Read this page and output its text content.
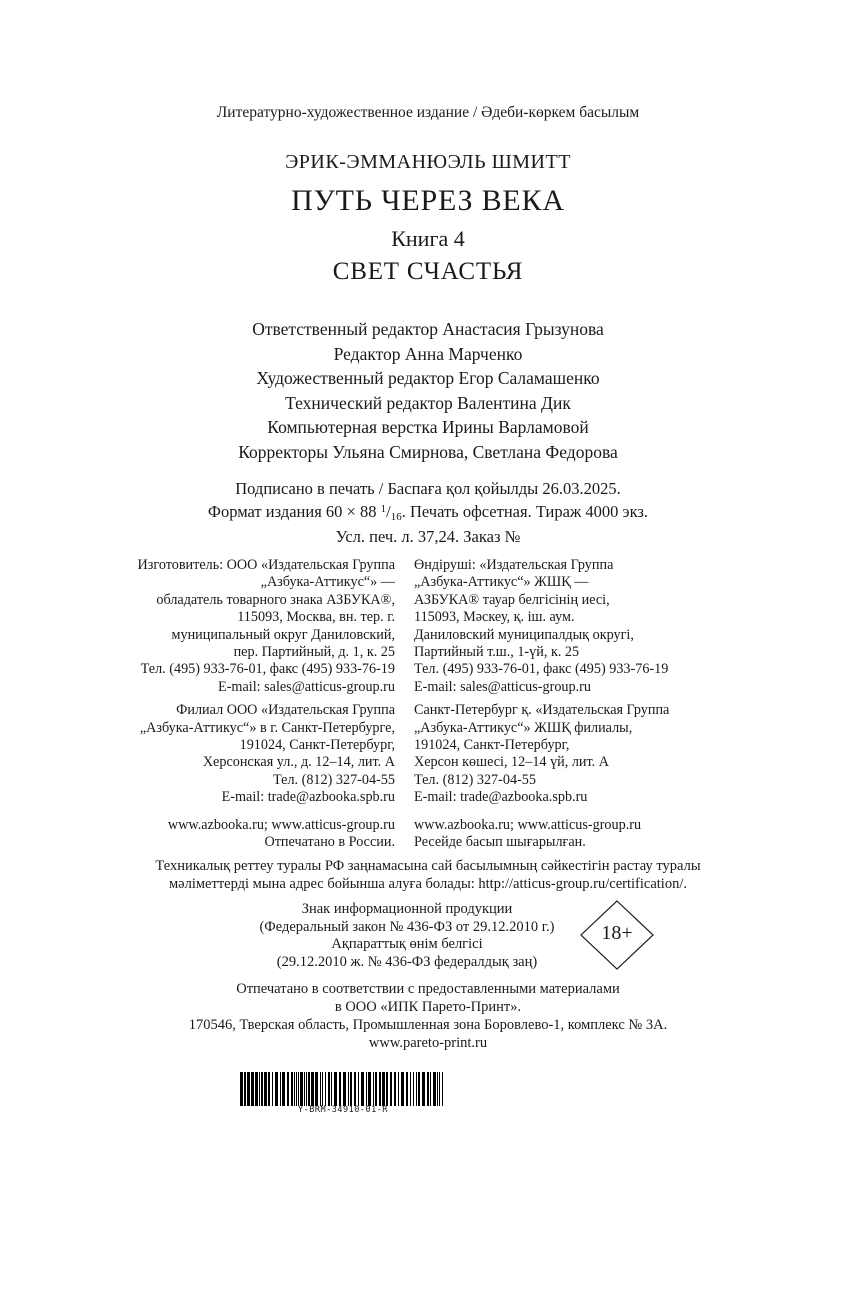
Литературно-художественное издание / Әдеби-көркем басылым
ЭРИК-ЭММАНЮЭЛЬ ШМИТТ
ПУТЬ ЧЕРЕЗ ВЕКА
Книга 4
СВЕТ СЧАСТЬЯ
Ответственный редактор Анастасия Грызунова
Редактор Анна Марченко
Художественный редактор Егор Саламашенко
Технический редактор Валентина Дик
Компьютерная верстка Ирины Варламовой
Корректоры Ульяна Смирнова, Светлана Федорова
Подписано в печать / Баспаға қол қойылды 26.03.2025.
Формат издания 60 × 88 $^1/_{16}$. Печать офсетная. Тираж 4000 экз.
Усл. печ. л. 37,24. Заказ №
Изготовитель: ООО «Издательская Группа
„Азбука-Аттикус“» —
обладатель товарного знака АЗБУКА®,
115093, Москва, вн. тер. г.
муниципальный округ Даниловский,
пер. Партийный, д. 1, к. 25
Тел. (495) 933-76-01, факс (495) 933-76-19
E-mail: sales@atticus-group.ru
Филиал ООО «Издательская Группа
„Азбука-Аттикус“» в г. Санкт-Петербурге,
191024, Санкт-Петербург,
Херсонская ул., д. 12–14, лит. А
Тел. (812) 327-04-55
E-mail: trade@azbooka.spb.ru
www.azbooka.ru; www.atticus-group.ru
Отпечатано в России.
Өндіруші: «Издательская Группа
„Азбука-Аттикус“» ЖШҚ —
АЗБУКА® тауар белгісінің иесі,
115093, Мәскеу, қ. іш. аум.
Даниловский муниципалдық округі,
Партийный т.ш., 1-үй, к. 25
Тел. (495) 933-76-01, факс (495) 933-76-19
E-mail: sales@atticus-group.ru
Санкт-Петербург қ. «Издательская Группа
„Азбука-Аттикус“» ЖШҚ филиалы,
191024, Санкт-Петербург,
Херсон көшесі, 12–14 үй, лит. А
Тел. (812) 327-04-55
E-mail: trade@azbooka.spb.ru
www.azbooka.ru; www.atticus-group.ru
Ресейде басып шығарылған.
Техникалық реттеу туралы РФ заңнамасына сай басылымның сәйкестігін растау туралы
мәліметтерді мына адрес бойынша алуға болады: http://atticus-group.ru/certification/.
Знак информационной продукции
(Федеральный закон № 436-ФЗ от 29.12.2010 г.)
Ақпараттық өнім белгісі
(29.12.2010 ж. № 436-ФЗ федералдық заң)
18+
Отпечатано в соответствии с предоставленными материалами
в ООО «ИПК Парето-Принт».
170546, Тверская область, Промышленная зона Боровлево-1, комплекс № 3А.
www.pareto-print.ru
Y-BRM-34910-01-R
